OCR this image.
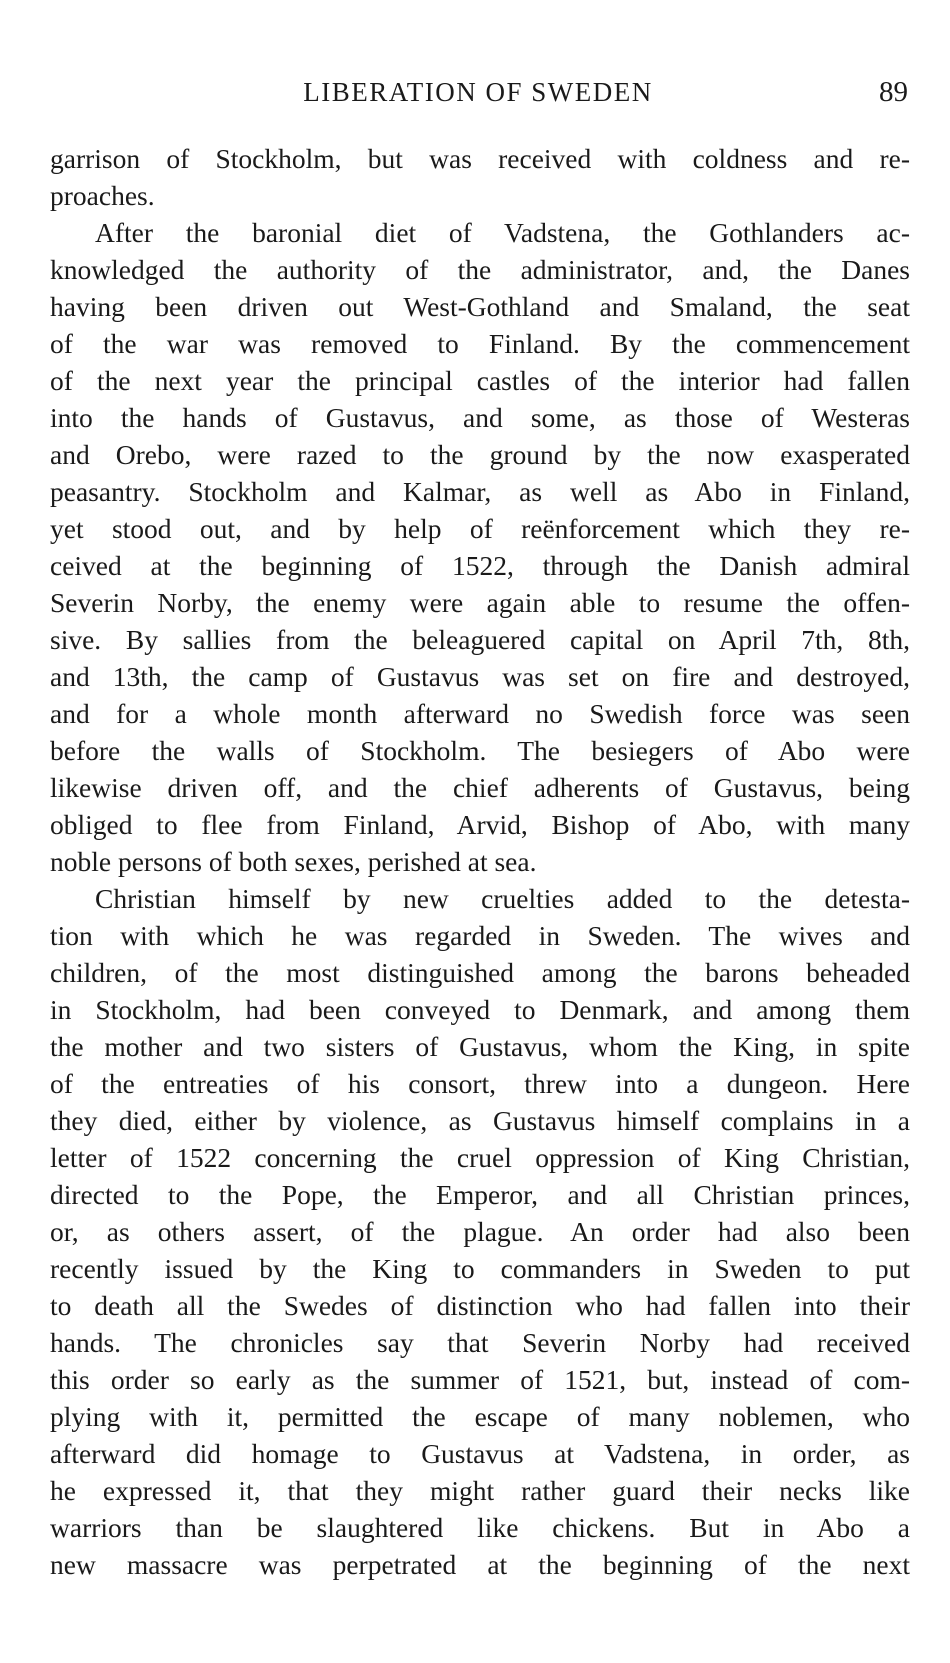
LIBERATION OF SWEDEN	89
garrison of Stockholm, but was received with coldness and re-
proaches.
After the baronial diet of Vadstena, the Gothlanders ac-
knowledged the authority of the administrator, and, the Danes
having been driven out West-Gothland and Smaland, the seat
of the war was removed to Finland. By the commencement
of the next year the principal castles of the interior had fallen
into the hands of Gustavus, and some, as those of Westeras
and Orebo, were razed to the ground by the now exasperated
peasantry. Stockholm and Kalmar, as well as Abo in Finland,
yet stood out, and by help of reënforcement which they re-
ceived at the beginning of 1522, through the Danish admiral
Severin Norby, the enemy were again able to resume the offen-
sive. By sallies from the beleaguered capital on April 7th, 8th,
and 13th, the camp of Gustavus was set on fire and destroyed,
and for a whole month afterward no Swedish force was seen
before the walls of Stockholm. The besiegers of Abo were
likewise driven off, and the chief adherents of Gustavus, being
obliged to flee from Finland, Arvid, Bishop of Abo, with many
noble persons of both sexes, perished at sea.
Christian himself by new cruelties added to the detesta-
tion with which he was regarded in Sweden. The wives and
children, of the most distinguished among the barons beheaded
in Stockholm, had been conveyed to Denmark, and among them
the mother and two sisters of Gustavus, whom the King, in spite
of the entreaties of his consort, threw into a dungeon. Here
they died, either by violence, as Gustavus himself complains in a
letter of 1522 concerning the cruel oppression of King Christian,
directed to the Pope, the Emperor, and all Christian princes,
or, as others assert, of the plague. An order had also been
recently issued by the King to commanders in Sweden to put
to death all the Swedes of distinction who had fallen into their
hands. The chronicles say that Severin Norby had received
this order so early as the summer of 1521, but, instead of com-
plying with it, permitted the escape of many noblemen, who
afterward did homage to Gustavus at Vadstena, in order, as
he expressed it, that they might rather guard their necks like
warriors than be slaughtered like chickens. But in Abo a
new massacre was perpetrated at the beginning of the next
